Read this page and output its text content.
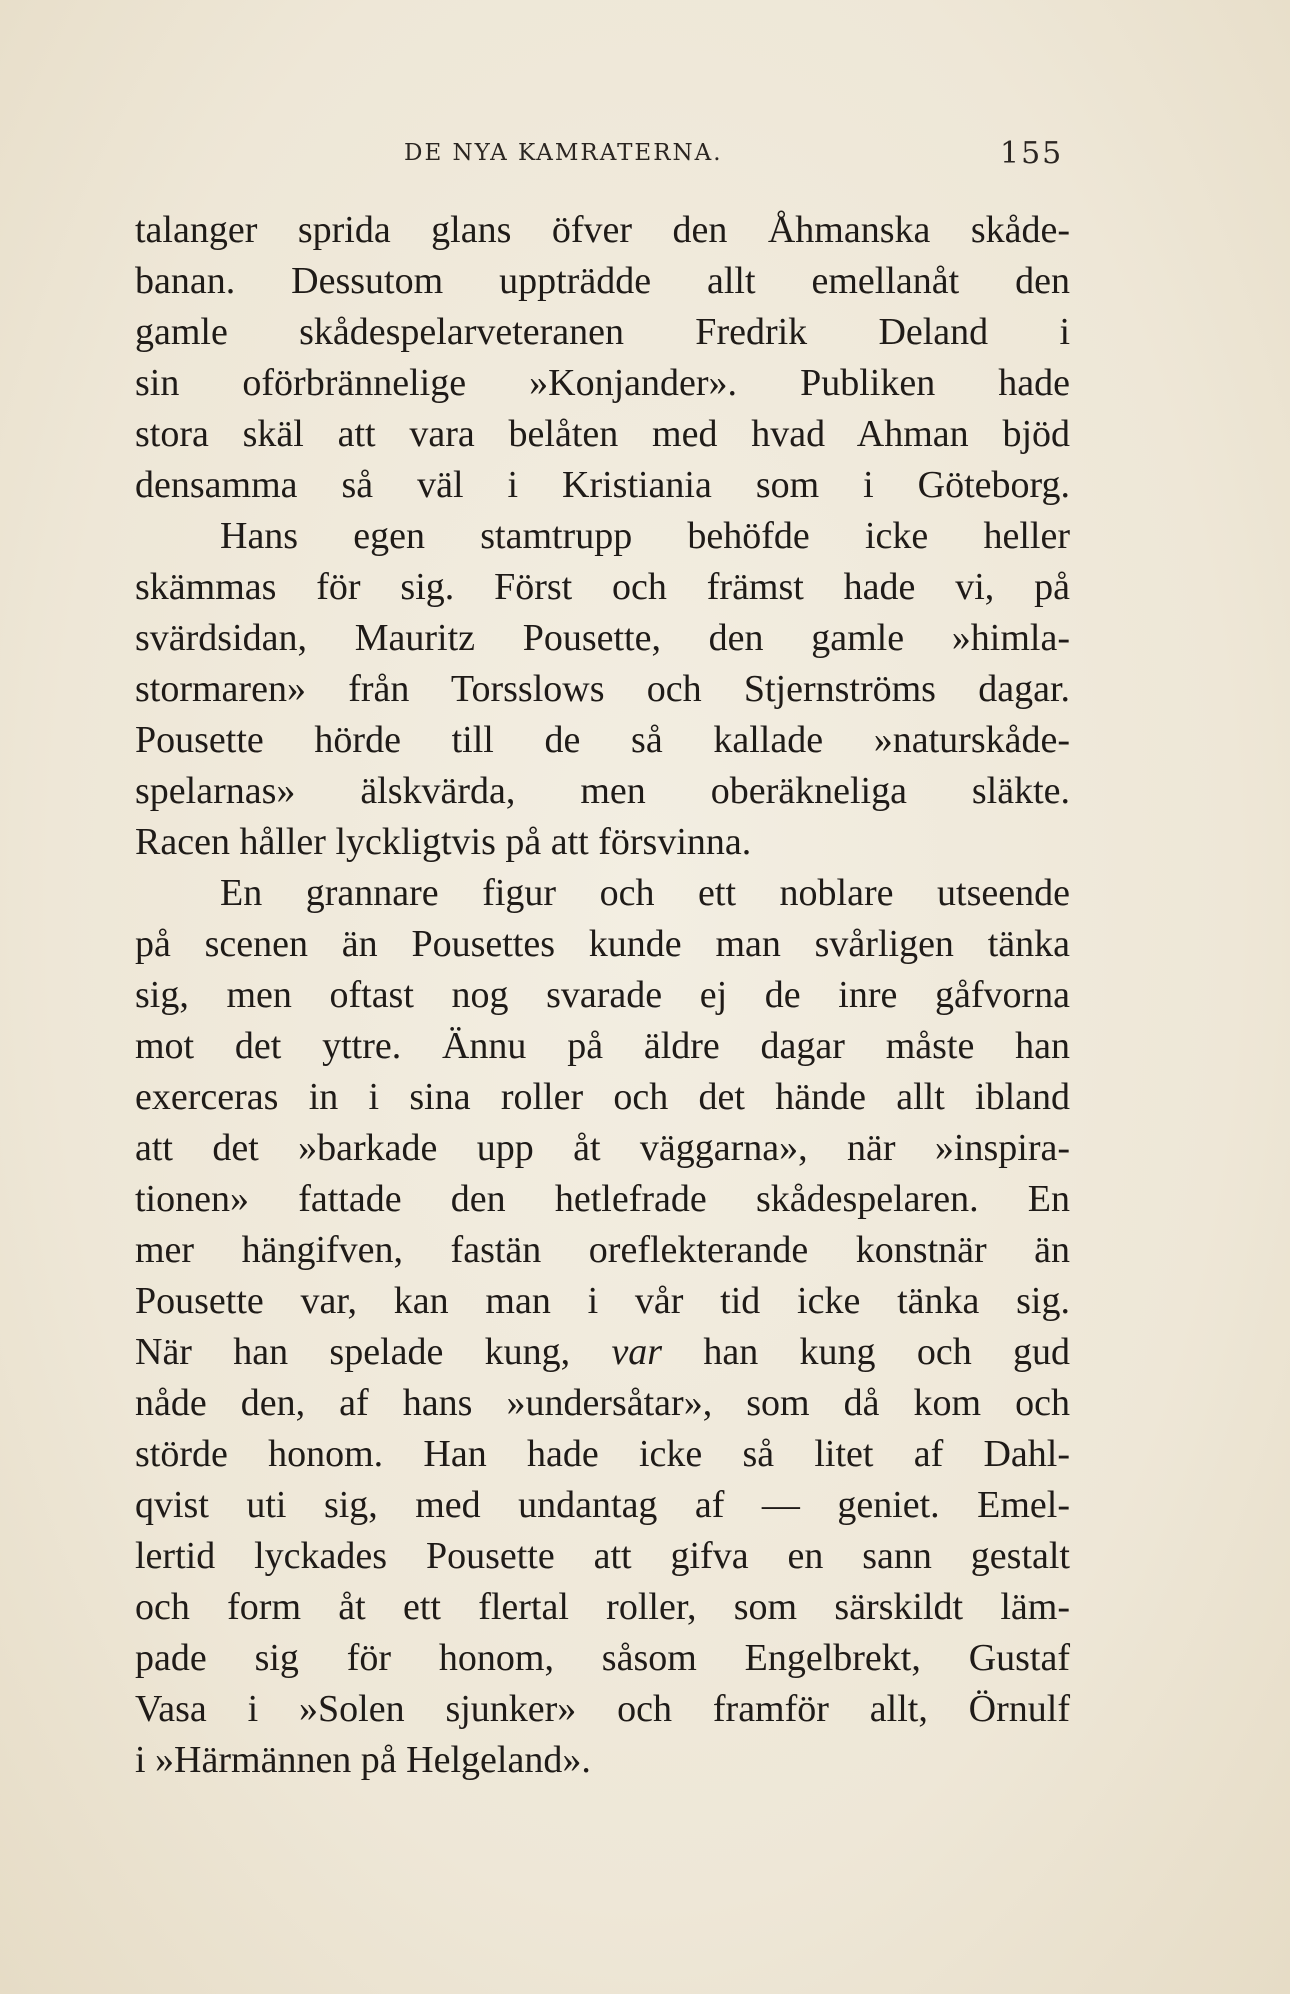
DE NYA KAMRATERNA.	155
talanger sprida glans öfver den Åhmanska skåde-
banan. Dessutom uppträdde allt emellanåt den
gamle skådespelarveteranen Fredrik Deland i
sin oförbrännelige »Konjander». Publiken hade
stora skäl att vara belåten med hvad Ahman bjöd
densamma så väl i Kristiania som i Göteborg.
Hans egen stamtrupp behöfde icke heller
skämmas för sig. Först och främst hade vi, på
svärdsidan, Mauritz Pousette, den gamle »himla-
stormaren» från Torsslows och Stjernströms dagar.
Pousette hörde till de så kallade »naturskåde-
spelarnas» älskvärda, men oberäkneliga släkte.
Racen håller lyckligtvis på att försvinna.
En grannare figur och ett noblare utseende
på scenen än Pousettes kunde man svårligen tänka
sig, men oftast nog svarade ej de inre gåfvorna
mot det yttre. Ännu på äldre dagar måste han
exerceras in i sina roller och det hände allt ibland
att det »barkade upp åt väggarna», när »inspira-
tionen» fattade den hetlefrade skådespelaren. En
mer hängifven, fastän oreflekterande konstnär än
Pousette var, kan man i vår tid icke tänka sig.
När han spelade kung, var han kung och gud
nåde den, af hans »undersåtar», som då kom och
störde honom. Han hade icke så litet af Dahl-
qvist uti sig, med undantag af — geniet. Emel-
lertid lyckades Pousette att gifva en sann gestalt
och form åt ett flertal roller, som särskildt läm-
pade sig för honom, såsom Engelbrekt, Gustaf
Vasa i »Solen sjunker» och framför allt, Örnulf
i »Härmännen på Helgeland».
